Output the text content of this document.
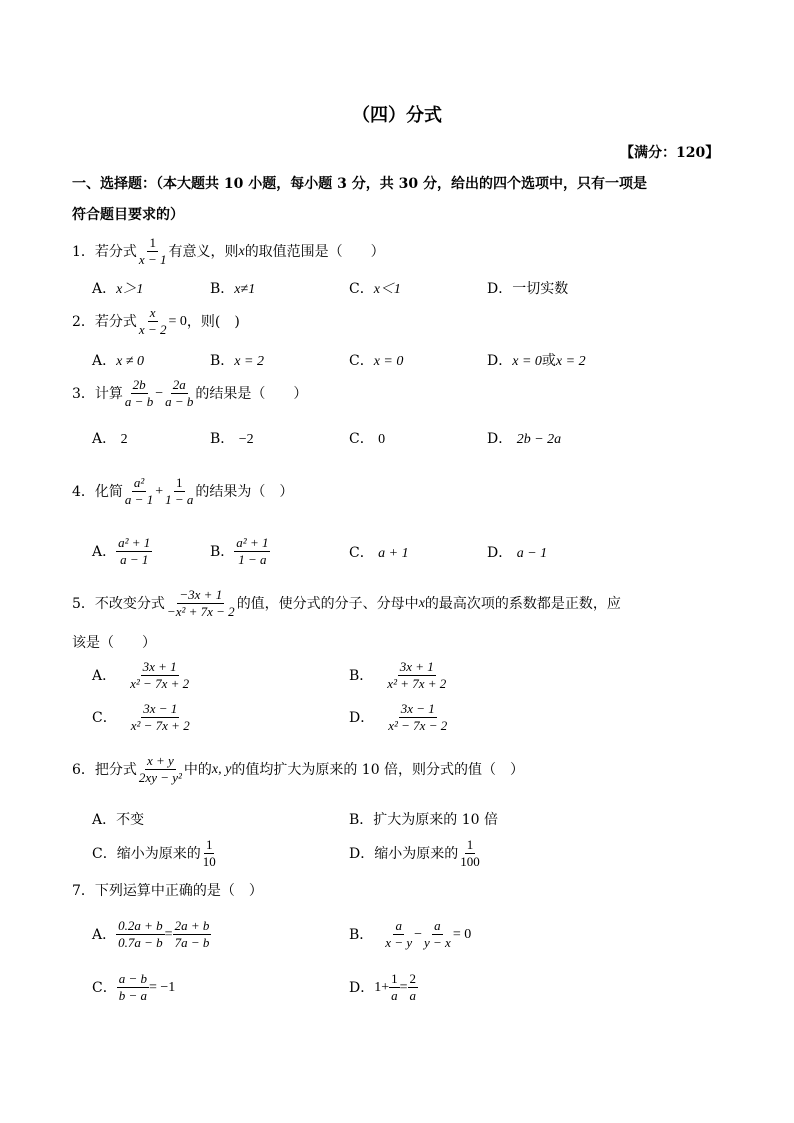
（四）分式
【满分：120】
一、选择题：（本大题共 10 小题，每小题 3 分，共 30 分，给出的四个选项中，只有一项是
符合题目要求的）
1． 若分式 $\frac{1}{x - 1}$ 有意义，则 x 的取值范围是（　　）
A．x＞1	B．x≠1	C．x＜1	D．一切实数
2． 若分式 $\frac{x}{x - 2} = 0$ ，则(　)
A．x ≠ 0	B．x = 2	C．x = 0	D．x = 0或x = 2
3． 计算 $\frac{2b}{a - b} - \frac{2a}{a - b}$ 的结果是（　　）
A． 2	B． −2	C． 0	D． 2b − 2a
4． 化简 $\frac{\text{a²}}{a - 1} + \frac{1}{1 - a}$ 的结果为（　）
A． $\frac{\text{a² + 1}}{a - 1}$	B． $\frac{\text{a² + 1}}{1 - a}$	C． a + 1	D． a − 1
5． 不改变分式 $\frac{-3x + 1}{\text{−x² + 7x − 2}}$ 的值，使分式的分子、分母中 x 的最高次项的系数都是正数，应
该是（　　）
A． $\frac{3x + 1}{\text{x² − 7x + 2}}$	B． $\frac{3x + 1}{\text{x² + 7x + 2}}$
C． $\frac{3x - 1}{\text{x² − 7x + 2}}$	D． $\frac{3x - 1}{\text{x² − 7x − 2}}$
6． 把分式 $\frac{x + y}{\text{2xy − y²}}$ 中的 x, y 的值均扩大为原来的 10 倍，则分式的值（　）
A．不变	B．扩大为原来的 10 倍
C． 缩小为原来的 $\frac{1}{10}$	D． 缩小为原来的 $\frac{1}{100}$
7． 下列运算中正确的是（　）
A． $\frac{0.2a + b}{0.7a - b} = \frac{2a + b}{7a - b}$	B． $\frac{a}{x - y} - \frac{a}{y - x} = 0$
C． $\frac{a - b}{b - a} = -1$	D． $1+ \frac{1}{a} = \frac{2}{a}$
